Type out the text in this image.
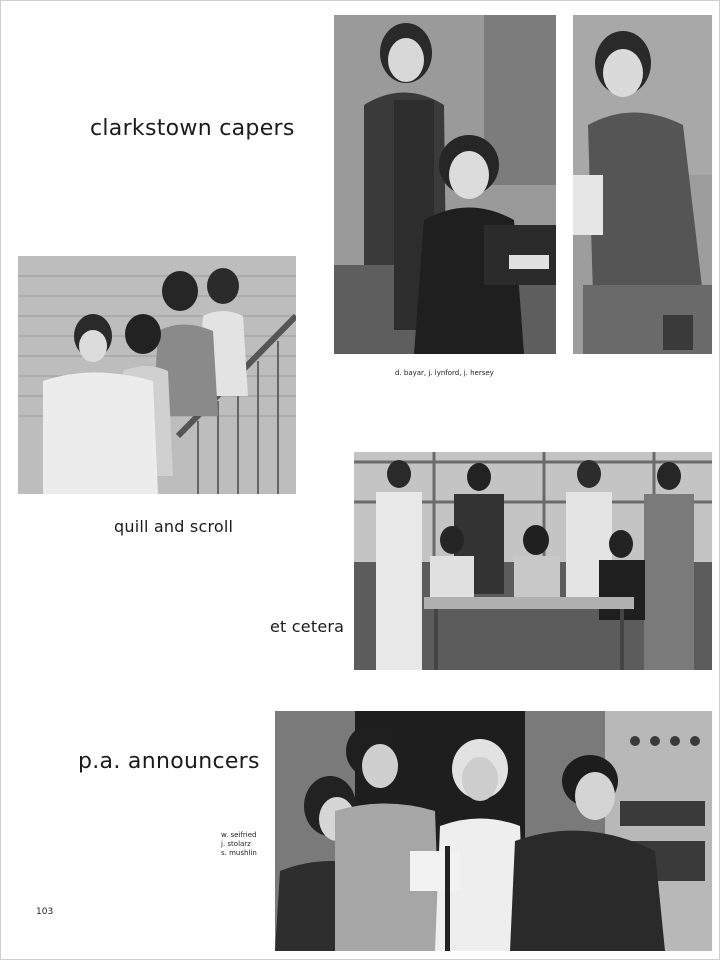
clarkstown capers
quill and scroll
et cetera
p.a. announcers
d. bayar, j. lynford, j. hersey
w. seifried
j. stolarz
s. mushlin
103
